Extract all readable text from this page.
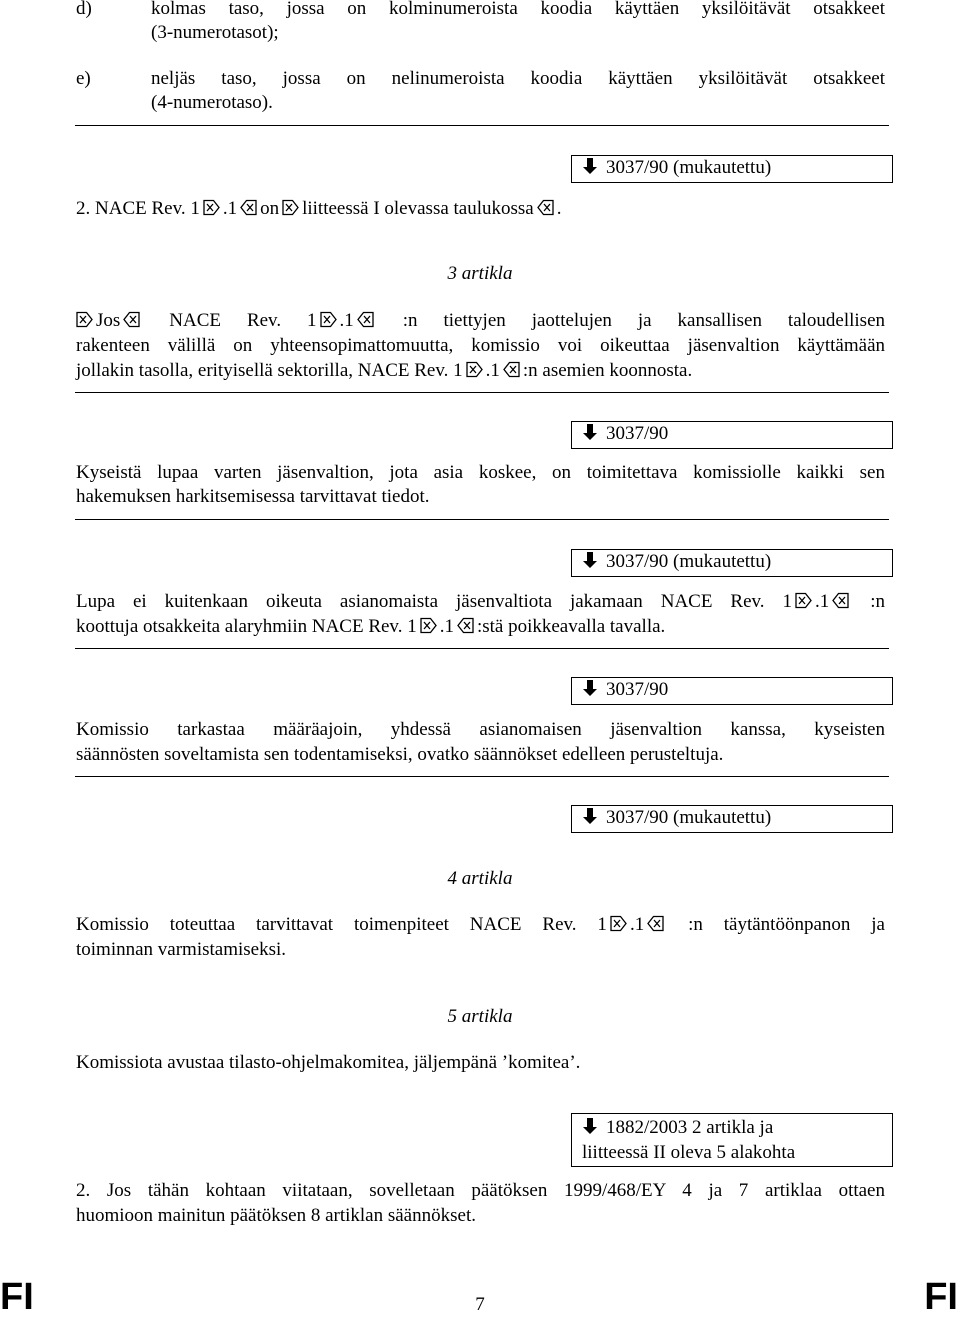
d)	kolmas taso, jossa on kolminumeroista koodia käyttäen yksilöitävät otsakkeet
(3-numerotasot);
e)	neljäs taso, jossa on nelinumeroista koodia käyttäen yksilöitävät otsakkeet
(4-numerotaso).
3037/90 (mukautettu)
2. NACE Rev. 1 .1 on liitteessä I olevassa taulukossa .
3 artikla
Jos	NACE Rev. 1 .1	:n tiettyjen jaottelujen ja kansallisen taloudellisen
rakenteen välillä on yhteensopimattomuutta, komissio voi oikeuttaa jäsenvaltion käyttämään
jollakin tasolla, erityisellä sektorilla, NACE Rev. 1 .1 :n asemien koonnosta.
3037/90
Kyseistä lupaa varten jäsenvaltion, jota asia koskee, on toimitettava komissiolle kaikki sen
hakemuksen harkitsemisessa tarvittavat tiedot.
3037/90 (mukautettu)
Lupa ei kuitenkaan oikeuta asianomaista jäsenvaltiota jakamaan NACE Rev. 1 .1 :n
koottuja otsakkeita alaryhmiin NACE Rev. 1 .1 :stä poikkeavalla tavalla.
3037/90
Komissio tarkastaa määräajoin, yhdessä asianomaisen jäsenvaltion kanssa, kyseisten
säännösten soveltamista sen todentamiseksi, ovatko säännökset edelleen perusteltuja.
3037/90 (mukautettu)
4 artikla
Komissio toteuttaa tarvittavat toimenpiteet NACE Rev. 1 .1 :n täytäntöönpanon ja
toiminnan varmistamiseksi.
5 artikla
Komissiota avustaa tilasto-ohjelmakomitea, jäljempänä ’komitea’.
1882/2003 2 artikla ja
liitteessä II oleva 5 alakohta
2. Jos tähän kohtaan viitataan, sovelletaan päätöksen 1999/468/EY 4 ja 7 artiklaa ottaen
huomioon mainitun päätöksen 8 artiklan säännökset.
FI	FI
7
